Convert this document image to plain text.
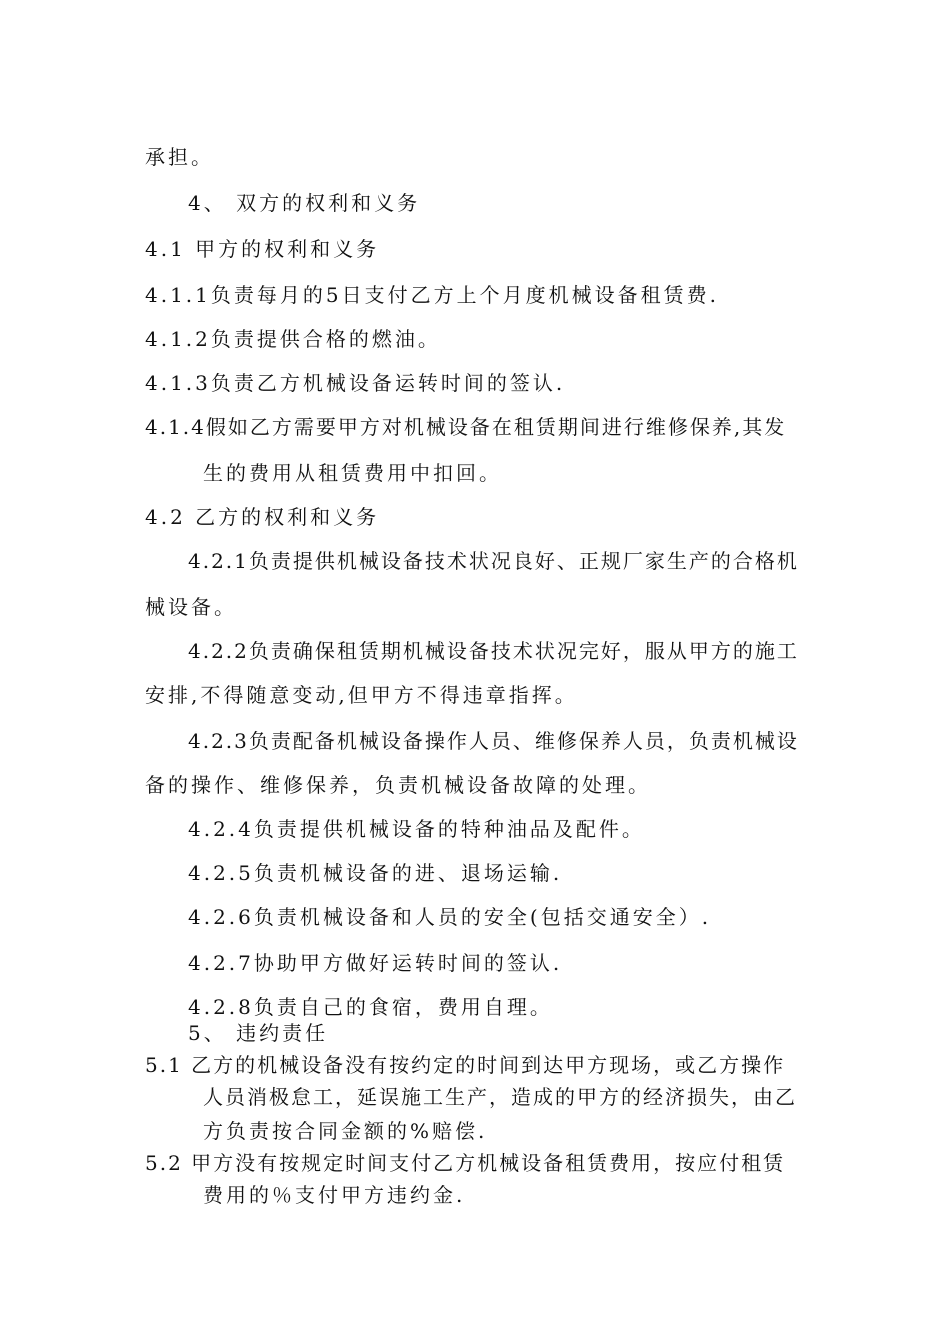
承担。
4、 双方的权利和义务
4.1 甲方的权利和义务
4.1.1负责每月的5日支付乙方上个月度机械设备租赁费.
4.1.2负责提供合格的燃油。
4.1.3负责乙方机械设备运转时间的签认.
4.1.4假如乙方需要甲方对机械设备在租赁期间进行维修保养,其发
生的费用从租赁费用中扣回。
4.2 乙方的权利和义务
4.2.1负责提供机械设备技术状况良好、正规厂家生产的合格机
械设备。
4.2.2负责确保租赁期机械设备技术状况完好，服从甲方的施工
安排,不得随意变动,但甲方不得违章指挥。
4.2.3负责配备机械设备操作人员、维修保养人员，负责机械设
备的操作、维修保养，负责机械设备故障的处理。
4.2.4负责提供机械设备的特种油品及配件。
4.2.5负责机械设备的进、退场运输.
4.2.6负责机械设备和人员的安全(包括交通安全）.
4.2.7协助甲方做好运转时间的签认.
4.2.8负责自己的食宿，费用自理。
5、 违约责任
5.1 乙方的机械设备没有按约定的时间到达甲方现场，或乙方操作
人员消极怠工，延误施工生产，造成的甲方的经济损失，由乙
方负责按合同金额的%赔偿.
5.2 甲方没有按规定时间支付乙方机械设备租赁费用，按应付租赁
费用的％支付甲方违约金.
